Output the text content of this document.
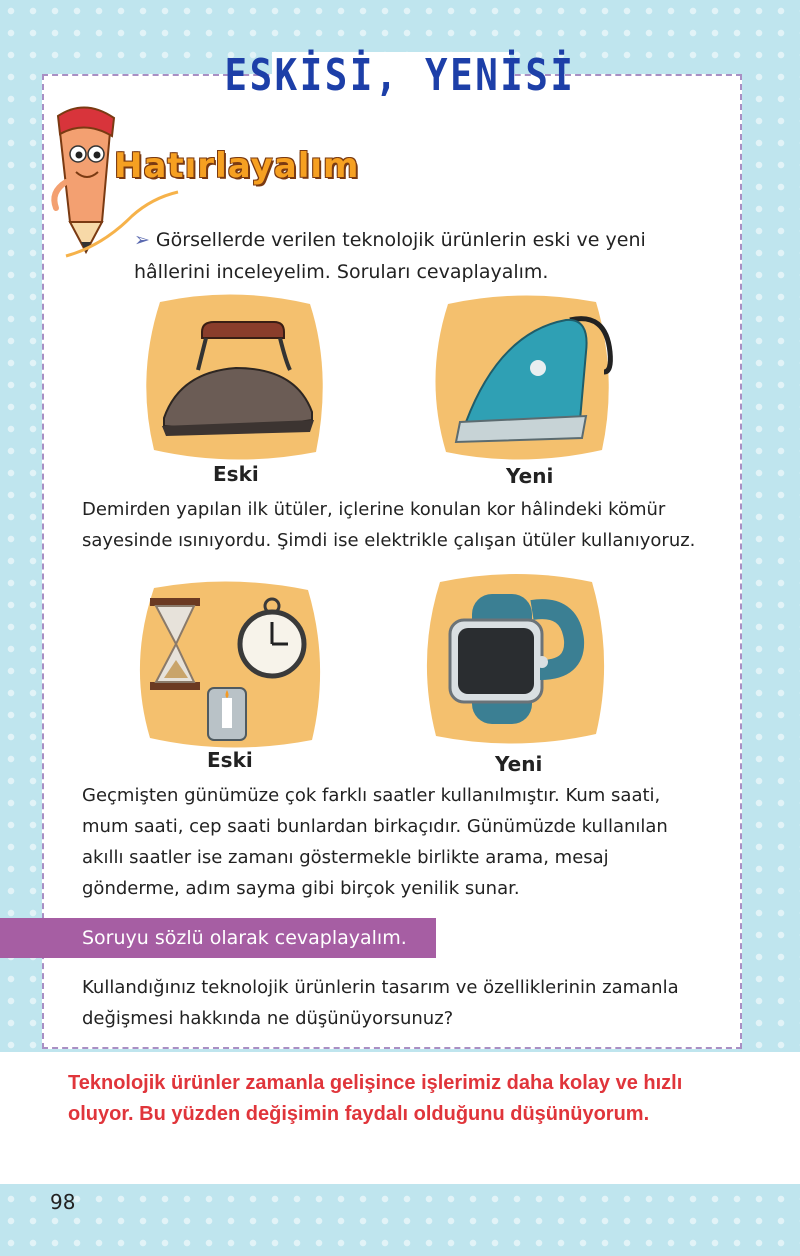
ESKİSİ, YENİSİ
Hatırlayalım
➢ Görsellerde verilen teknolojik ürünlerin eski ve yeni
hâllerini inceleyelim. Soruları cevaplayalım.
Eski	Yeni
Demirden yapılan ilk ütüler, içlerine konulan kor hâlindeki kömür
sayesinde ısınıyordu. Şimdi ise elektrikle çalışan ütüler kullanıyoruz.
Eski	Yeni
Geçmişten günümüze çok farklı saatler kullanılmıştır. Kum saati,
mum saati, cep saati bunlardan birkaçıdır. Günümüzde kullanılan
akıllı saatler ise zamanı göstermekle birlikte arama, mesaj
gönderme, adım sayma gibi birçok yenilik sunar.
Soruyu sözlü olarak cevaplayalım.
Kullandığınız teknolojik ürünlerin tasarım ve özelliklerinin zamanla
değişmesi hakkında ne düşünüyorsunuz?
Teknolojik ürünler zamanla gelişince işlerimiz daha kolay ve hızlı
oluyor. Bu yüzden değişimin faydalı olduğunu düşünüyorum.
98
